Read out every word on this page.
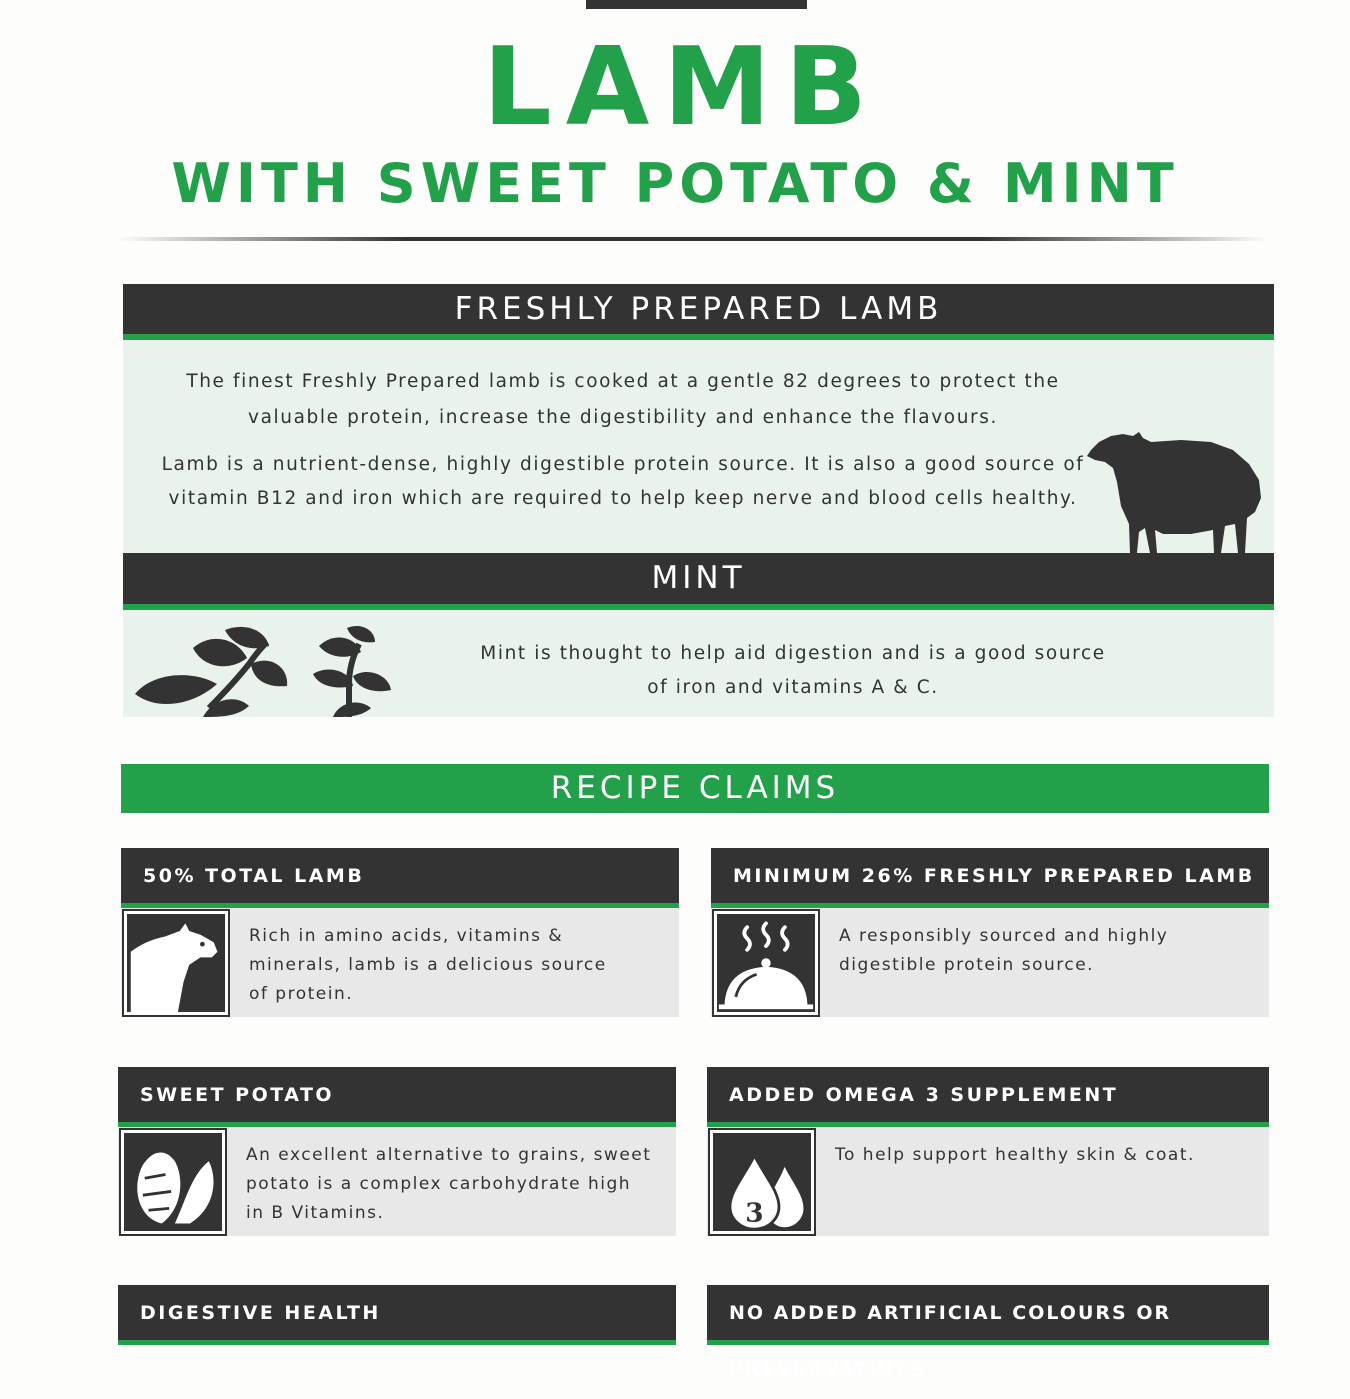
LAMB
WITH SWEET POTATO & MINT
FRESHLY PREPARED LAMB

The finest Freshly Prepared lamb is cooked at a gentle 82 degrees to protect the

valuable protein, increase the digestibility and enhance the flavours.

Lamb is a nutrient-dense, highly digestible protein source. It is also a good source of

vitamin B12 and iron which are required to help keep nerve and blood cells healthy.

MINT

Mint is thought to help aid digestion and is a good source

of iron and vitamins A & C.

RECIPE CLAIMS
50% TOTAL LAMB

Rich in amino acids, vitamins &
minerals, lamb is a delicious source
of protein.

MINIMUM 26% FRESHLY PREPARED LAMB

A responsibly sourced and highly
digestible protein source.

SWEET POTATO

An excellent alternative to grains, sweet
potato is a complex carbohydrate high
in B Vitamins.

ADDED OMEGA 3 SUPPLEMENT
3

To help support healthy skin & coat.

DIGESTIVE HEALTH	NO ADDED ARTIFICIAL COLOURS OR PRESERVATIVES
